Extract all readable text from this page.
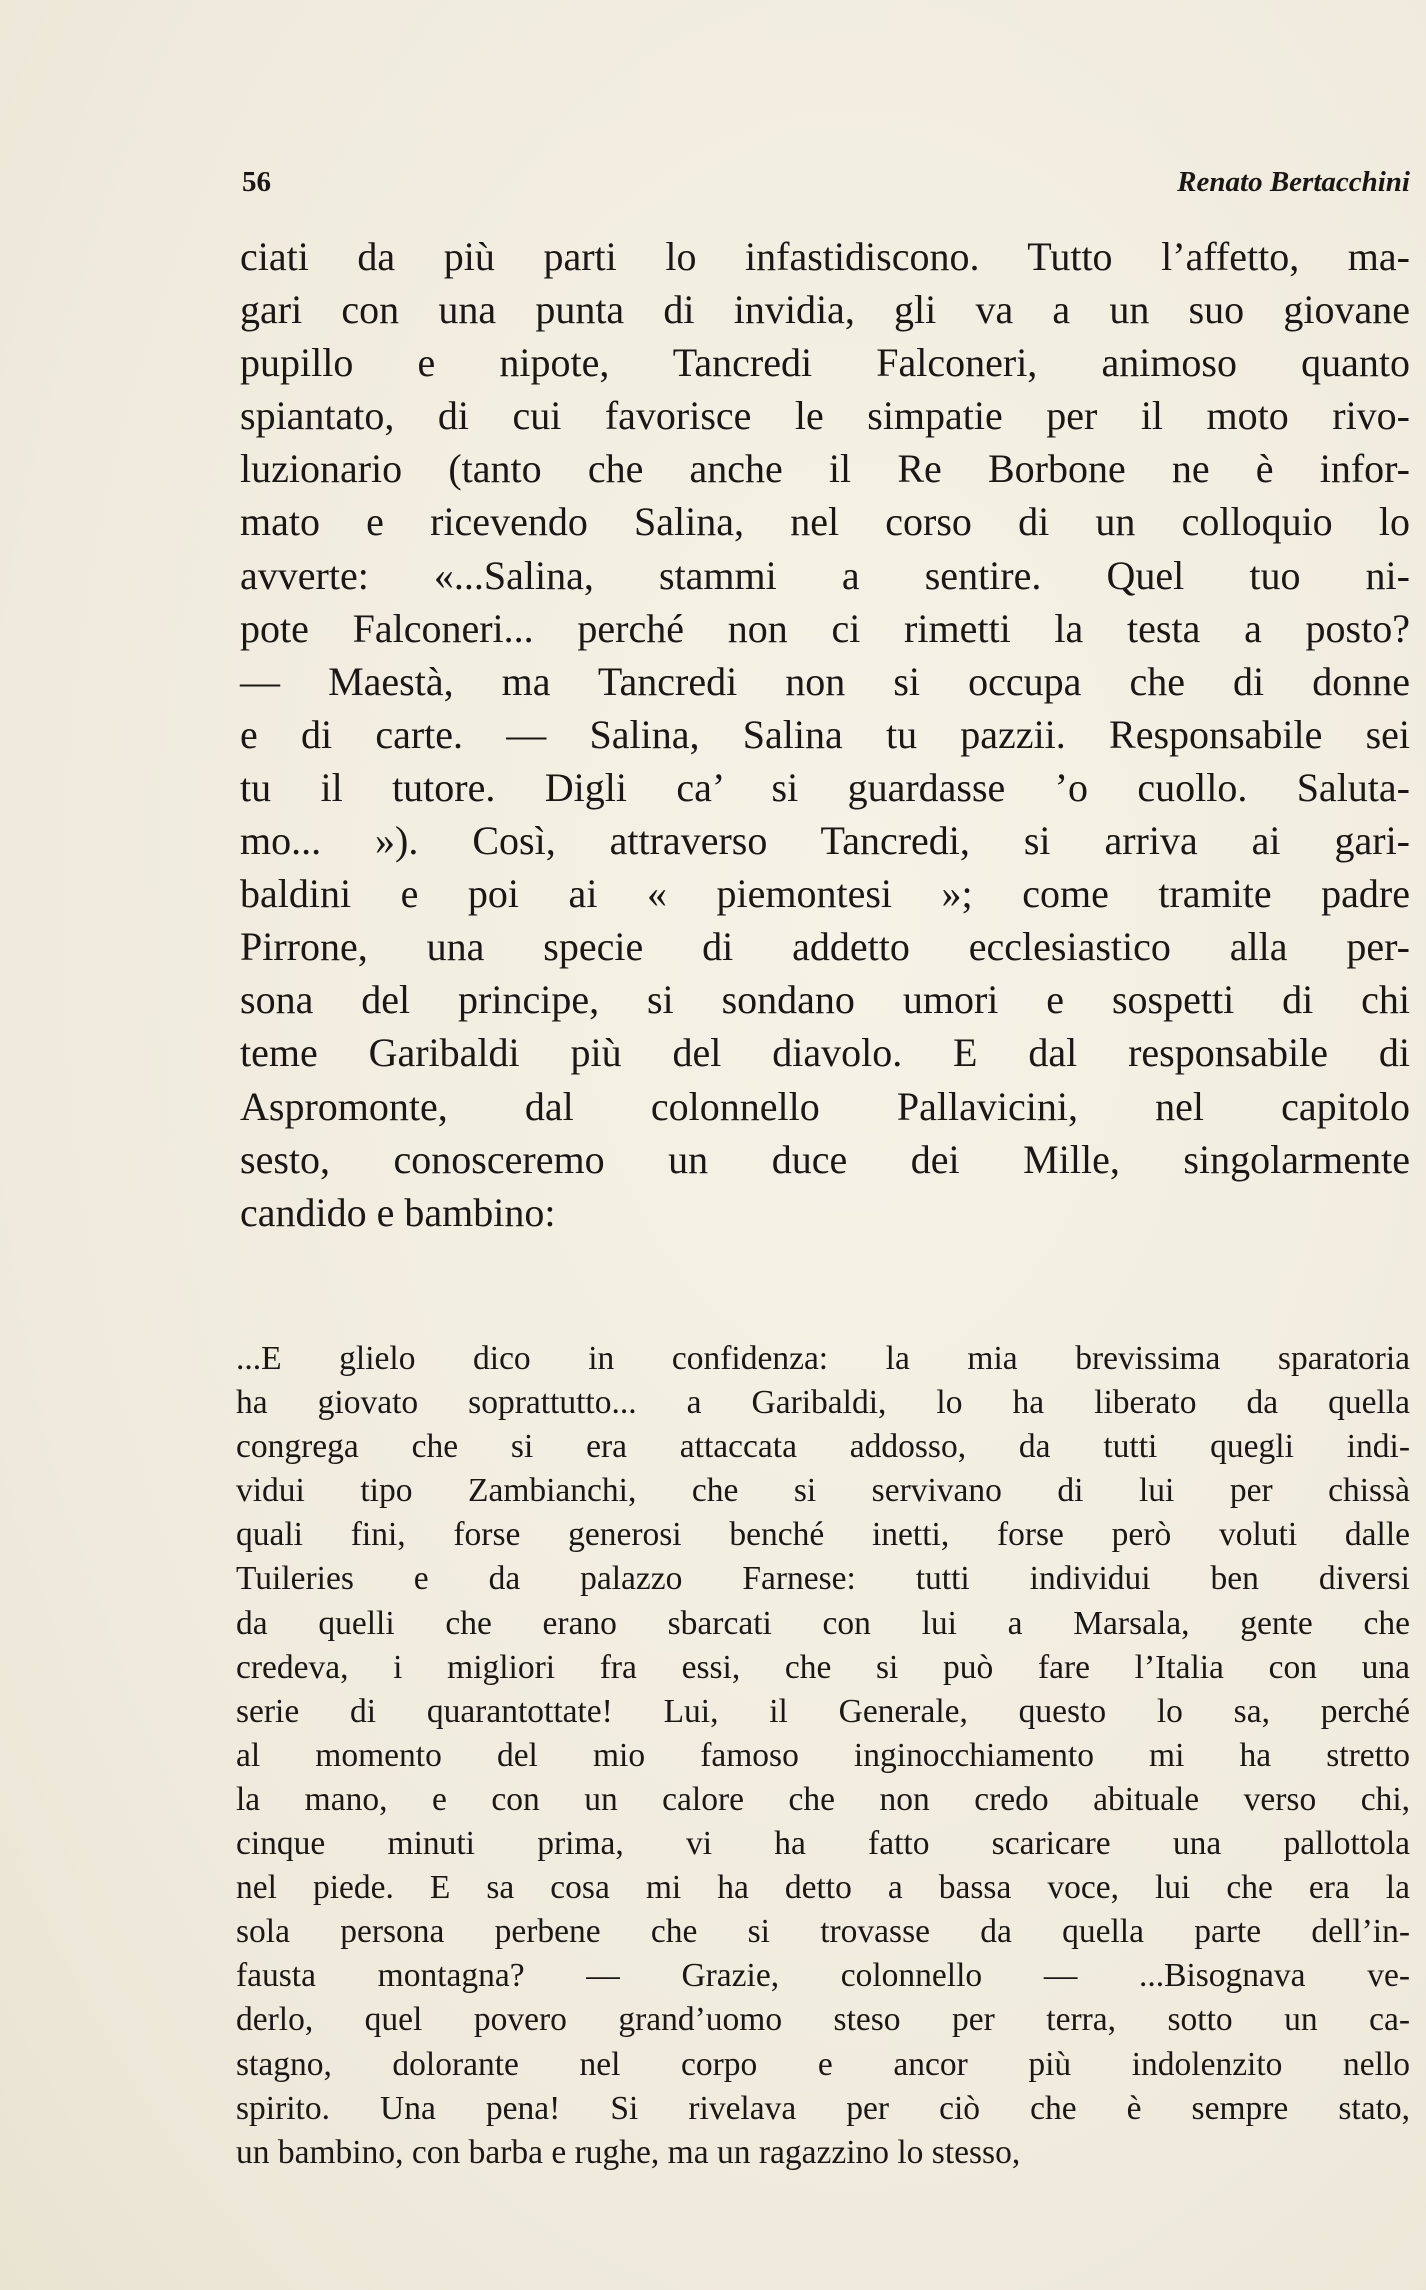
56	Renato Bertacchini
ciati da più parti lo infastidiscono. Tutto l’affetto, ma-
gari con una punta di invidia, gli va a un suo giovane
pupillo e nipote, Tancredi Falconeri, animoso quanto
spiantato, di cui favorisce le simpatie per il moto rivo-
luzionario (tanto che anche il Re Borbone ne è infor-
mato e ricevendo Salina, nel corso di un colloquio lo
avverte: «...Salina, stammi a sentire. Quel tuo ni-
pote Falconeri... perché non ci rimetti la testa a posto?
— Maestà, ma Tancredi non si occupa che di donne
e di carte. — Salina, Salina tu pazzii. Responsabile sei
tu il tutore. Digli ca’ si guardasse ’o cuollo. Saluta-
mo... »). Così, attraverso Tancredi, si arriva ai gari-
baldini e poi ai « piemontesi »; come tramite padre
Pirrone, una specie di addetto ecclesiastico alla per-
sona del principe, si sondano umori e sospetti di chi
teme Garibaldi più del diavolo. E dal responsabile di
Aspromonte, dal colonnello Pallavicini, nel capitolo
sesto, conosceremo un duce dei Mille, singolarmente
candido e bambino:
...E glielo dico in confidenza: la mia brevissima sparatoria
ha giovato soprattutto... a Garibaldi, lo ha liberato da quella
congrega che si era attaccata addosso, da tutti quegli indi-
vidui tipo Zambianchi, che si servivano di lui per chissà
quali fini, forse generosi benché inetti, forse però voluti dalle
Tuileries e da palazzo Farnese: tutti individui ben diversi
da quelli che erano sbarcati con lui a Marsala, gente che
credeva, i migliori fra essi, che si può fare l’Italia con una
serie di quarantottate! Lui, il Generale, questo lo sa, perché
al momento del mio famoso inginocchiamento mi ha stretto
la mano, e con un calore che non credo abituale verso chi,
cinque minuti prima, vi ha fatto scaricare una pallottola
nel piede. E sa cosa mi ha detto a bassa voce, lui che era la
sola persona perbene che si trovasse da quella parte dell’in-
fausta montagna? — Grazie, colonnello — ...Bisognava ve-
derlo, quel povero grand’uomo steso per terra, sotto un ca-
stagno, dolorante nel corpo e ancor più indolenzito nello
spirito. Una pena! Si rivelava per ciò che è sempre stato,
un bambino, con barba e rughe, ma un ragazzino lo stesso,
